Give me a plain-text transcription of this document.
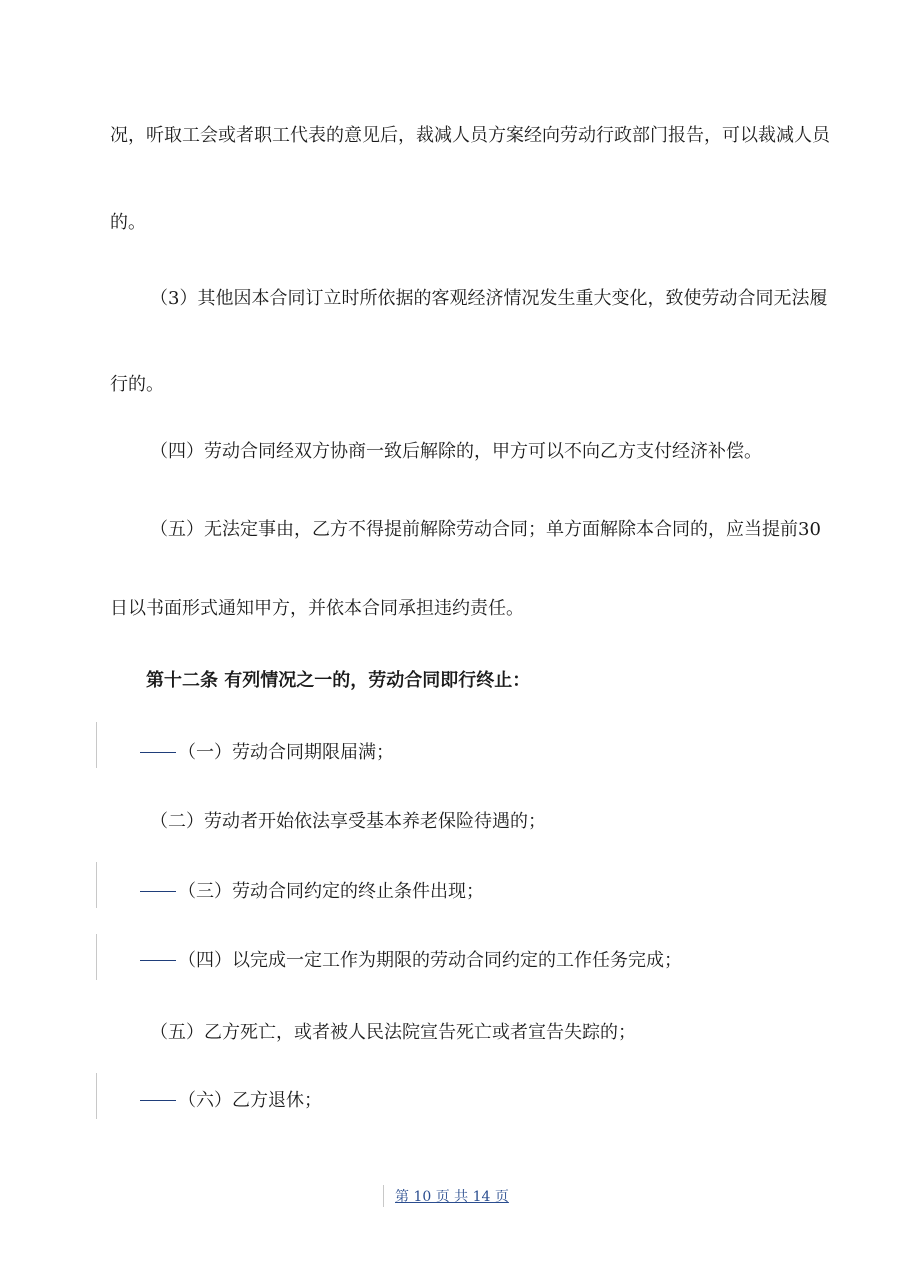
况，听取工会或者职工代表的意见后，裁减人员方案经向劳动行政部门报告，可以裁减人员
的。
（3）其他因本合同订立时所依据的客观经济情况发生重大变化，致使劳动合同无法履
行的。
（四）劳动合同经双方协商一致后解除的，甲方可以不向乙方支付经济补偿。
（五）无法定事由，乙方不得提前解除劳动合同；单方面解除本合同的，应当提前30
日以书面形式通知甲方，并依本合同承担违约责任。
第十二条 有列情况之一的，劳动合同即行终止：
（一）劳动合同期限届满；
（二）劳动者开始依法享受基本养老保险待遇的；
（三）劳动合同约定的终止条件出现；
（四）以完成一定工作为期限的劳动合同约定的工作任务完成；
（五）乙方死亡，或者被人民法院宣告死亡或者宣告失踪的；
（六）乙方退休；
第 10 页 共 14 页
